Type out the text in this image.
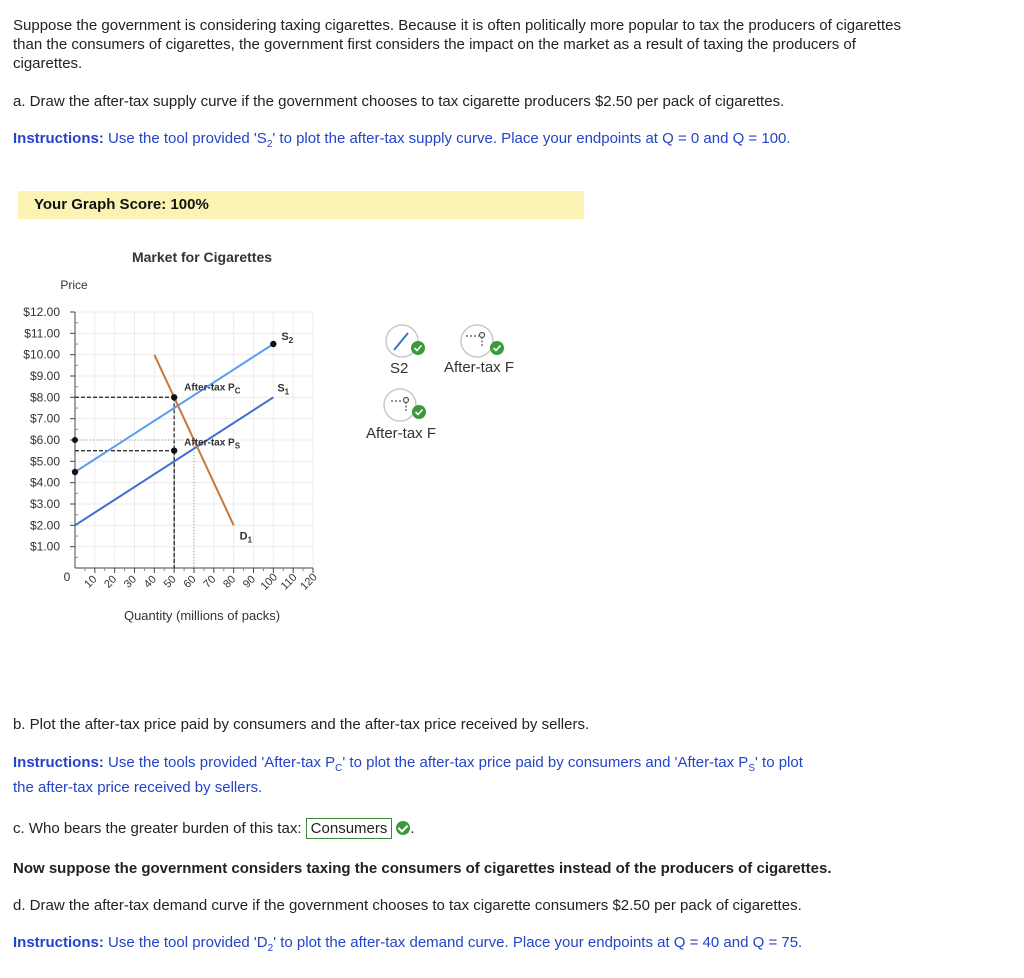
Suppose the government is considering taxing cigarettes. Because it is often politically more popular to tax the producers of cigarettes than the consumers of cigarettes, the government first considers the impact on the market as a result of taxing the producers of cigarettes.

a. Draw the after-tax supply curve if the government chooses to tax cigarette producers $2.50 per pack of cigarettes.

Instructions: Use the tool provided '$S_2$' to plot the after-tax supply curve. Place your endpoints at Q = 0 and Q = 100.

Your Graph Score: 100%
Market for Cigarettes
Price
Quantity (millions of packs)
0
$1.00
$2.00
$3.00
$4.00
$5.00
$6.00
$7.00
$8.00
$9.00
$10.00
$11.00
$12.00
10 20 30 40 50 60 70 80 90 100
110
120
$S_1$
$S_2$
$D_1$
After-tax $P_C$
After-tax $P_S$
S2 After-tax F
After-tax F

b. Plot the after-tax price paid by consumers and the after-tax price received by sellers.

Instructions: Use the tools provided 'After-tax $P_C'$ to plot the after-tax price paid by consumers and 'After-tax $P_S'$ to plot
the after-tax price received by sellers.

c. Who bears the greater burden of this tax: Consumers .

Now suppose the government considers taxing the consumers of cigarettes instead of the producers of cigarettes.

d. Draw the after-tax demand curve if the government chooses to tax cigarette consumers $2.50 per pack of cigarettes.

Instructions: Use the tool provided '$D_2$' to plot the after-tax demand curve. Place your endpoints at Q = 40 and Q = 75.
